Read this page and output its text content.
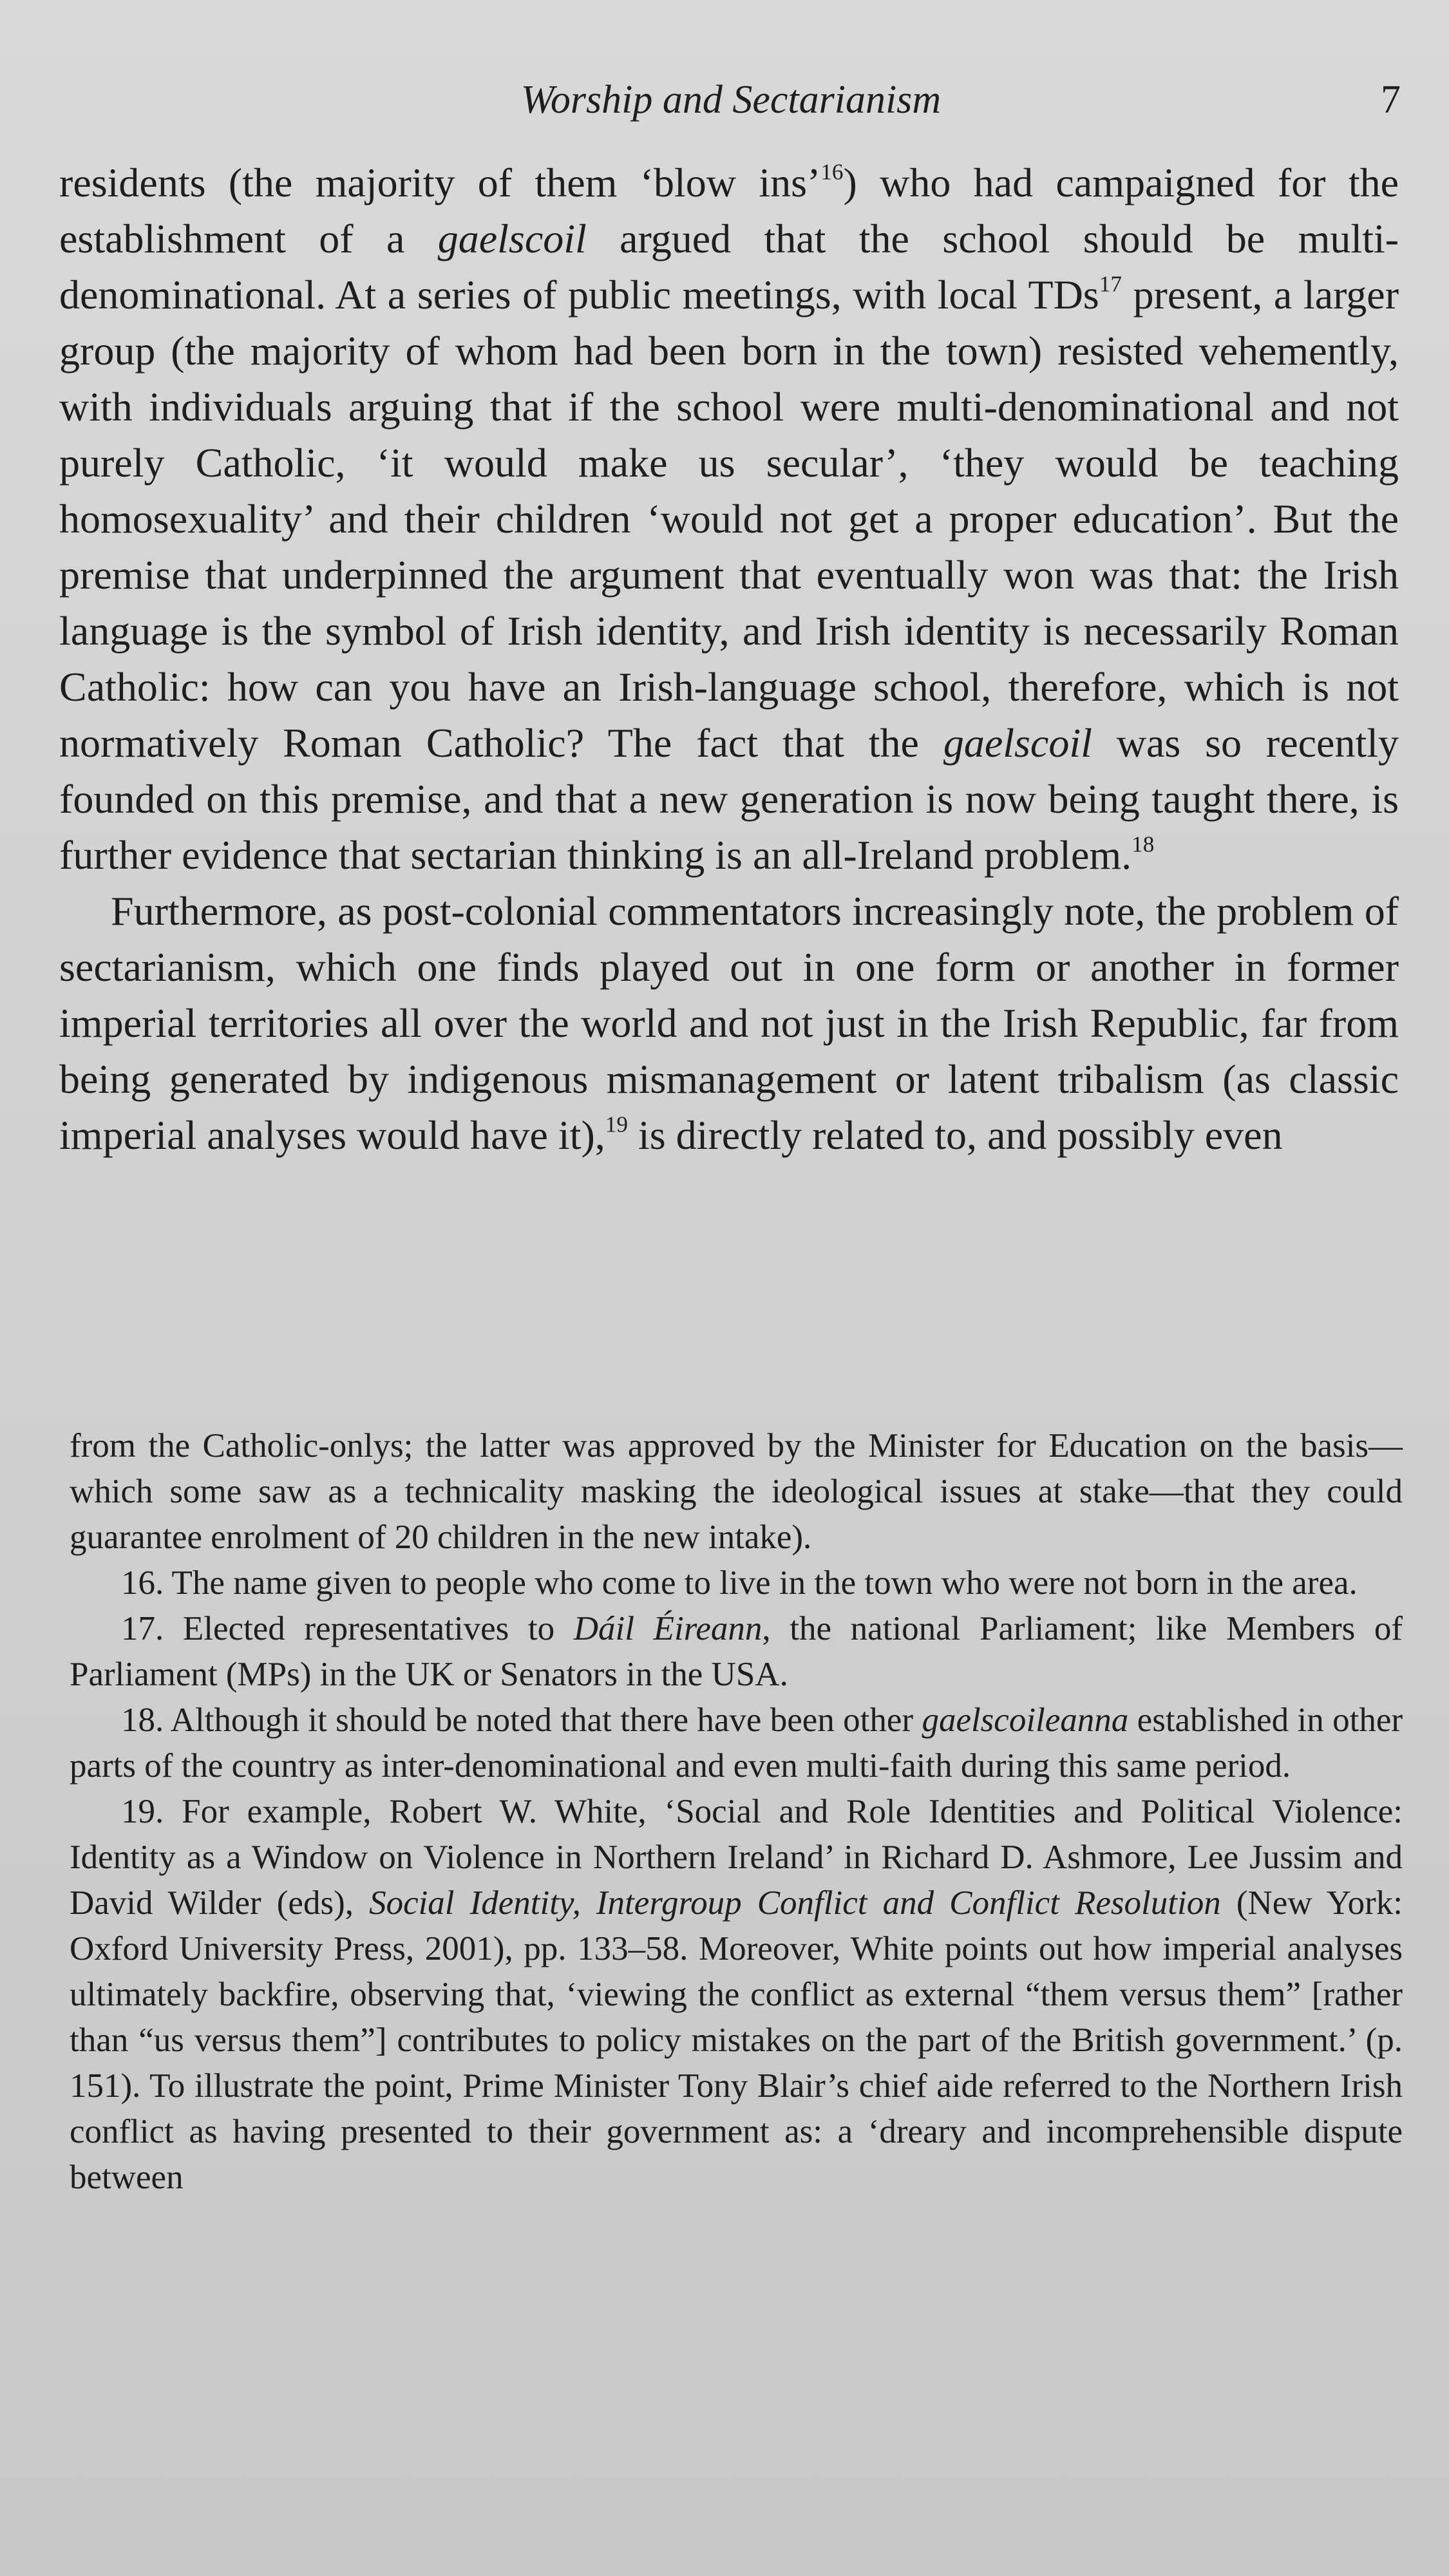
Worship and Sectarianism	7

residents (the majority of them ‘blow ins’$^{16}$) who had campaigned for the establishment of a gaelscoil argued that the school should be multi-denominational. At a series of public meetings, with local TDs$^{17}$ present, a larger group (the majority of whom had been born in the town) resisted vehemently, with individuals arguing that if the school were multi-denominational and not purely Catholic, ‘it would make us secular’, ‘they would be teaching homosexuality’ and their children ‘would not get a proper education’. But the premise that underpinned the argument that eventually won was that: the Irish language is the symbol of Irish identity, and Irish identity is necessarily Roman Catholic: how can you have an Irish-language school, therefore, which is not normatively Roman Catholic? The fact that the gaelscoil was so recently founded on this premise, and that a new generation is now being taught there, is further evidence that sectarian thinking is an all-Ireland problem.$^{18}$

Furthermore, as post-colonial commentators increasingly note, the problem of sectarianism, which one finds played out in one form or another in former imperial territories all over the world and not just in the Irish Republic, far from being generated by indigenous mismanagement or latent tribalism (as classic imperial analyses would have it),$^{19}$ is directly related to, and possibly even

from the Catholic-onlys; the latter was approved by the Minister for Education on the basis—which some saw as a technicality masking the ideological issues at stake—that they could guarantee enrolment of 20 children in the new intake).

16. The name given to people who come to live in the town who were not born in the area.

17. Elected representatives to Dáil Éireann, the national Parliament; like Members of Parliament (MPs) in the UK or Senators in the USA.

18. Although it should be noted that there have been other gaelscoileanna established in other parts of the country as inter-denominational and even multi-faith during this same period.

19. For example, Robert W. White, ‘Social and Role Identities and Political Violence: Identity as a Window on Violence in Northern Ireland’ in Richard D. Ashmore, Lee Jussim and David Wilder (eds), Social Identity, Intergroup Conflict and Conflict Resolution (New York: Oxford University Press, 2001), pp. 133–58. Moreover, White points out how imperial analyses ultimately backfire, observing that, ‘viewing the conflict as external “them versus them” [rather than “us versus them”] contributes to policy mistakes on the part of the British government.’ (p. 151). To illustrate the point, Prime Minister Tony Blair’s chief aide referred to the Northern Irish conflict as having presented to their government as: a ‘dreary and incomprehensible dispute between
